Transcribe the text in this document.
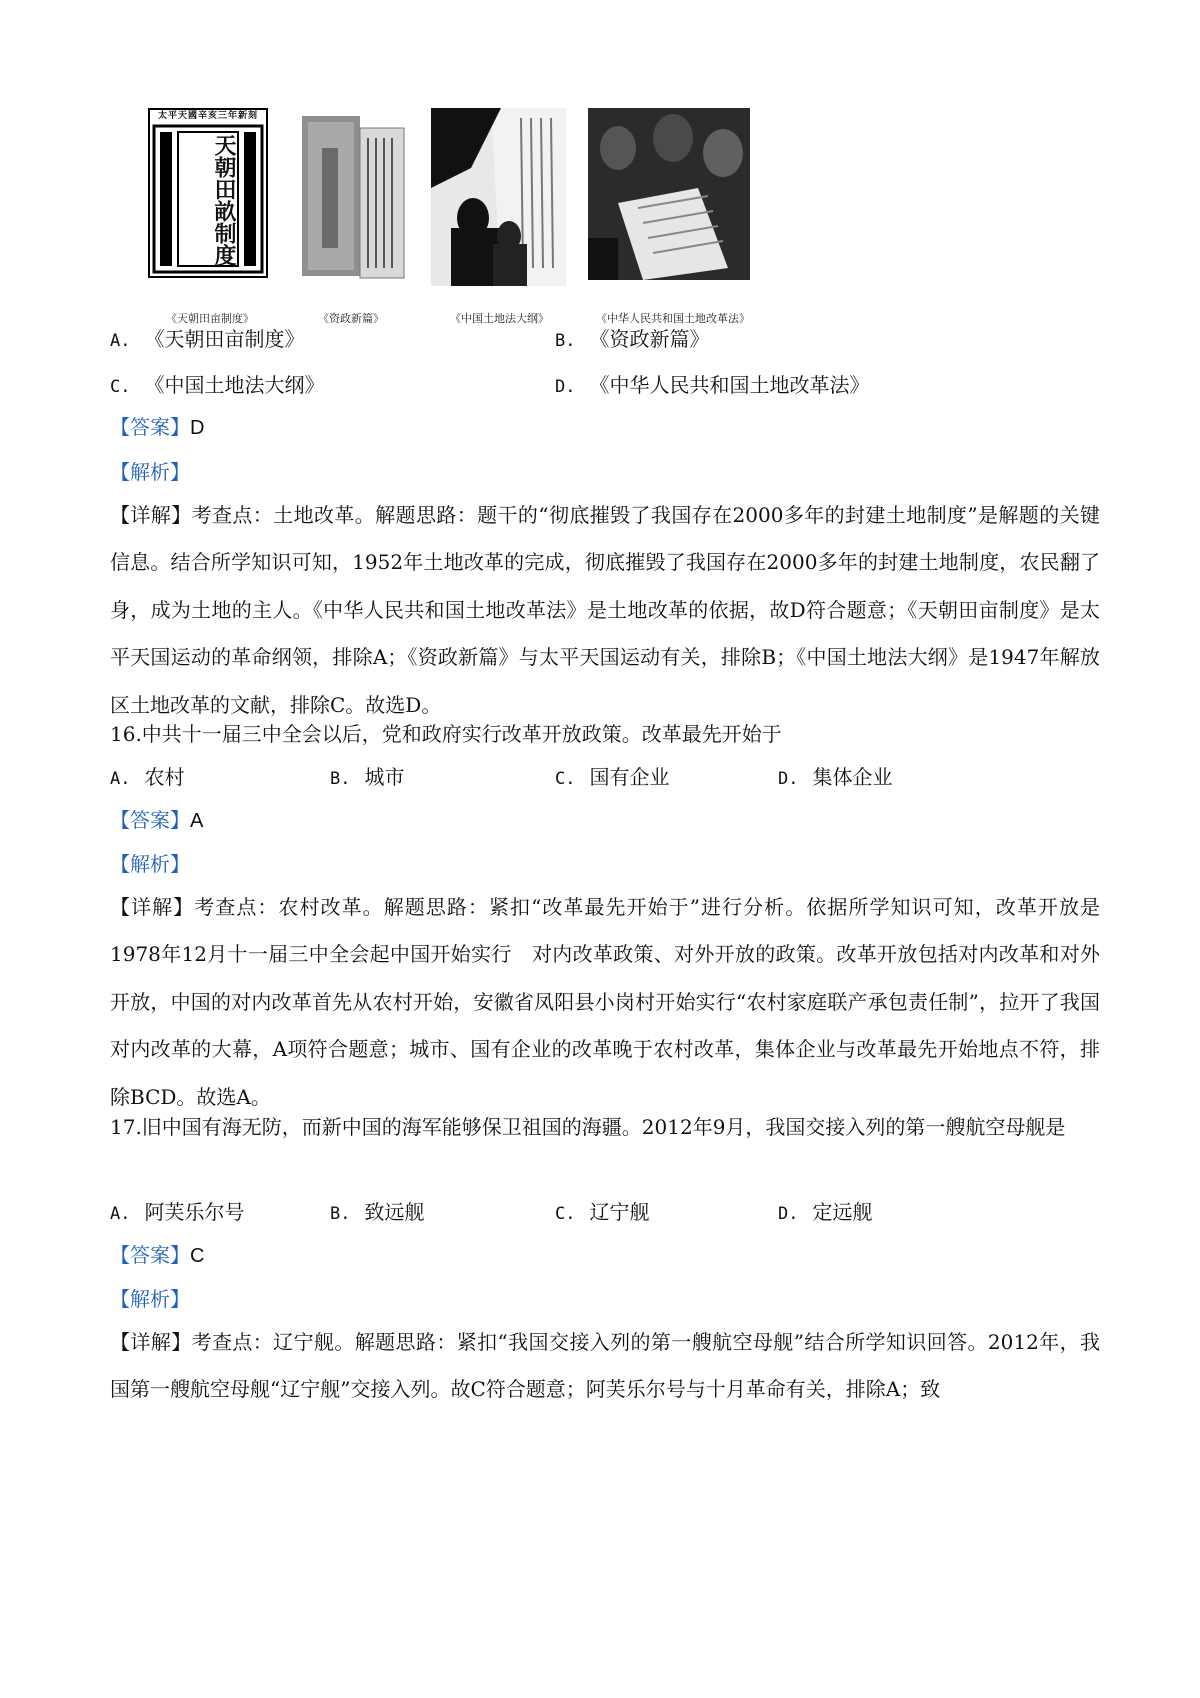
太平天國辛亥三年新刻
天朝田畝制度
《天朝田亩制度》	《资政新篇》	《中国土地法大纲》	《中华人民共和国土地改革法》
A. 《天朝田亩制度》	B. 《资政新篇》
C. 《中国土地法大纲》	D. 《中华人民共和国土地改革法》
【答案】D
【解析】
【详解】考查点：土地改革。解题思路：题干的“彻底摧毁了我国存在2000多年的封建土地制度”是解题的关键信息。结合所学知识可知，1952年土地改革的完成，彻底摧毁了我国存在2000多年的封建土地制度，农民翻了身，成为土地的主人。《中华人民共和国土地改革法》是土地改革的依据，故D符合题意；《天朝田亩制度》是太平天国运动的革命纲领，排除A；《资政新篇》与太平天国运动有关，排除B；《中国土地法大纲》是1947年解放区土地改革的文献，排除C。故选D。
16.中共十一届三中全会以后，党和政府实行改革开放政策。改革最先开始于
A. 农村	B. 城市	C. 国有企业	D. 集体企业
【答案】A
【解析】
【详解】考查点：农村改革。解题思路：紧扣“改革最先开始于”进行分析。依据所学知识可知，改革开放是1978年12月十一届三中全会起中国开始实行　对内改革政策、对外开放的政策。改革开放包括对内改革和对外开放，中国的对内改革首先从农村开始，安徽省凤阳县小岗村开始实行“农村家庭联产承包责任制”，拉开了我国对内改革的大幕，A项符合题意；城市、国有企业的改革晚于农村改革，集体企业与改革最先开始地点不符，排除BCD。故选A。
17.旧中国有海无防，而新中国的海军能够保卫祖国的海疆。2012年9月，我国交接入列的第一艘航空母舰是
A. 阿芙乐尔号	B. 致远舰	C. 辽宁舰	D. 定远舰
【答案】C
【解析】
【详解】考查点：辽宁舰。解题思路：紧扣“我国交接入列的第一艘航空母舰”结合所学知识回答。2012年，我国第一艘航空母舰“辽宁舰”交接入列。故C符合题意；阿芙乐尔号与十月革命有关，排除A；致
